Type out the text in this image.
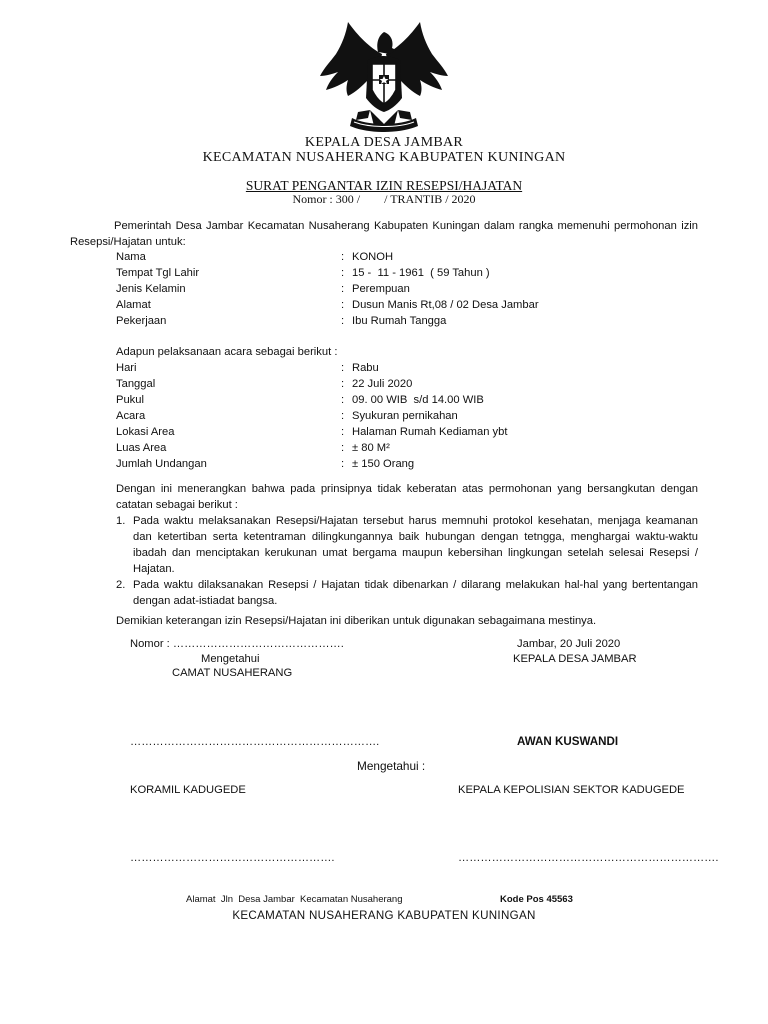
KEPALA DESA JAMBAR
KECAMATAN NUSAHERANG KABUPATEN KUNINGAN
SURAT PENGANTAR IZIN RESEPSI/HAJATAN
Nomor : 300 /        / TRANTIB / 2020
Pemerintah Desa Jambar Kecamatan Nusaherang Kabupaten Kuningan dalam rangka memenuhi permohonan izin Resepsi/Hajatan untuk:
Nama	: KONOH
Tempat Tgl Lahir	: 15 -  11 - 1961  ( 59 Tahun )
Jenis Kelamin	: Perempuan
Alamat	: Dusun Manis Rt,08 / 02 Desa Jambar
Pekerjaan	: Ibu Rumah Tangga
Adapun pelaksanaan acara sebagai berikut :
Hari	: Rabu
Tanggal	: 22 Juli 2020
Pukul	: 09. 00 WIB  s/d 14.00 WIB
Acara	: Syukuran pernikahan
Lokasi Area	: Halaman Rumah Kediaman ybt
Luas Area	: ± 80 M²
Jumlah Undangan	: ± 150 Orang
Dengan ini menerangkan bahwa pada prinsipnya tidak keberatan atas permohonan yang bersangkutan dengan catatan sebagai berikut :
1. Pada waktu melaksanakan Resepsi/Hajatan tersebut harus memnuhi protokol kesehatan, menjaga keamanan dan ketertiban serta ketentraman dilingkungannya baik hubungan dengan tetngga, menghargai waktu-waktu ibadah dan menciptakan kerukunan umat bergama maupun kebersihan lingkungan setelah selesai Resepsi / Hajatan.
2. Pada waktu dilaksanakan Resepsi / Hajatan tidak dibenarkan / dilarang melakukan hal-hal yang bertentangan dengan adat-istiadat bangsa.
Demikian keterangan izin Resepsi/Hajatan ini diberikan untuk digunakan sebagaimana mestinya.
Nomor : ……………………………………….	Jambar, 20 Juli 2020
Mengetahui	KEPALA DESA JAMBAR
CAMAT NUSAHERANG
………………………………………………………….	AWAN KUSWANDI
Mengetahui :
KORAMIL KADUGEDE	KEPALA KEPOLISIAN SEKTOR KADUGEDE
……………………………………………….	…………………………………………………………….
Alamat  Jln  Desa Jambar  Kecamatan Nusaherang	Kode Pos 45563
KECAMATAN NUSAHERANG KABUPATEN KUNINGAN
